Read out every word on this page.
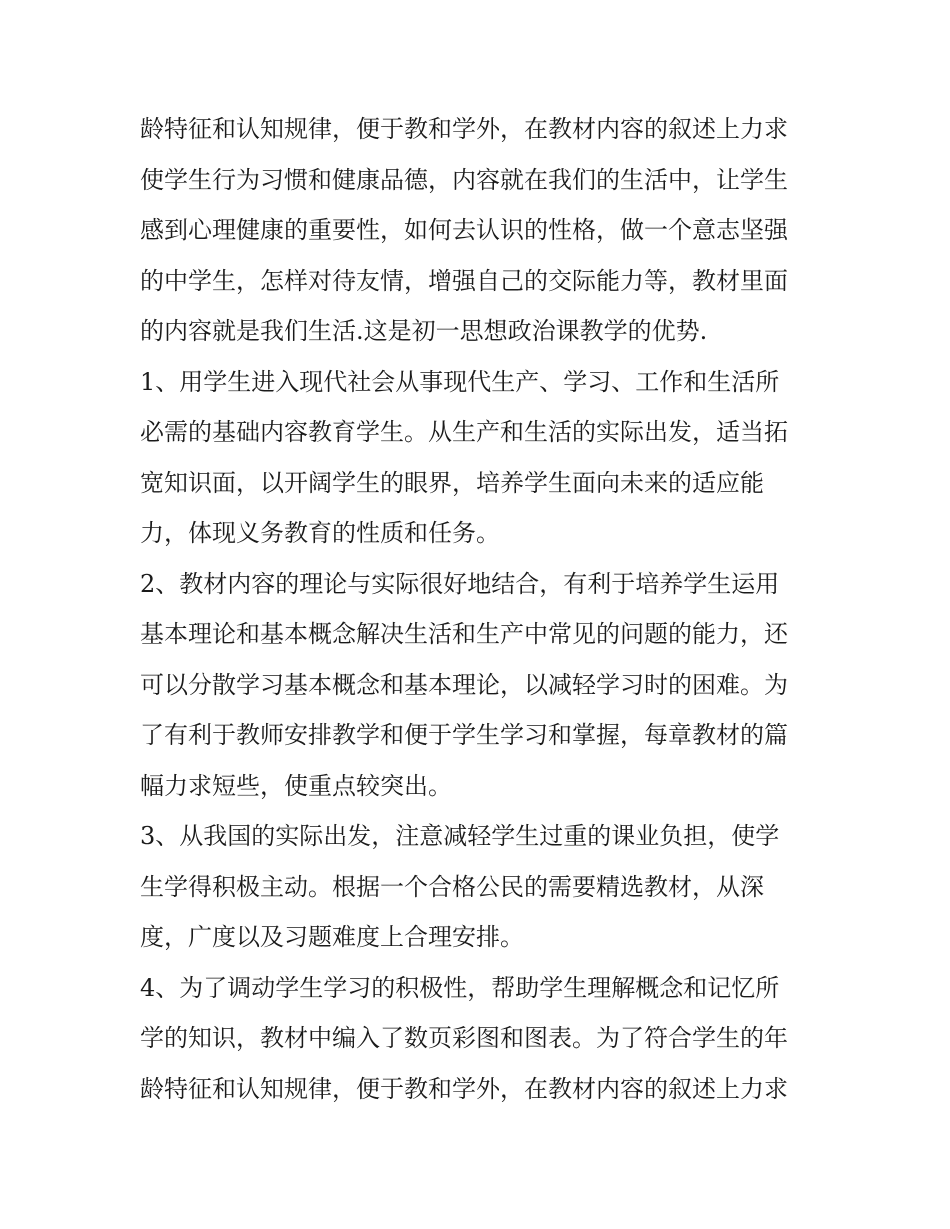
龄特征和认知规律，便于教和学外，在教材内容的叙述上力求
使学生行为习惯和健康品德，内容就在我们的生活中，让学生
感到心理健康的重要性，如何去认识的性格，做一个意志坚强
的中学生，怎样对待友情，增强自己的交际能力等，教材里面
的内容就是我们生活.这是初一思想政治课教学的优势.
1、用学生进入现代社会从事现代生产、学习、工作和生活所
必需的基础内容教育学生。从生产和生活的实际出发，适当拓
宽知识面，以开阔学生的眼界，培养学生面向未来的适应能
力，体现义务教育的性质和任务。
2、教材内容的理论与实际很好地结合，有利于培养学生运用
基本理论和基本概念解决生活和生产中常见的问题的能力，还
可以分散学习基本概念和基本理论，以减轻学习时的困难。为
了有利于教师安排教学和便于学生学习和掌握，每章教材的篇
幅力求短些，使重点较突出。
3、从我国的实际出发，注意减轻学生过重的课业负担，使学
生学得积极主动。根据一个合格公民的需要精选教材，从深
度，广度以及习题难度上合理安排。
4、为了调动学生学习的积极性，帮助学生理解概念和记忆所
学的知识，教材中编入了数页彩图和图表。为了符合学生的年
龄特征和认知规律，便于教和学外，在教材内容的叙述上力求
